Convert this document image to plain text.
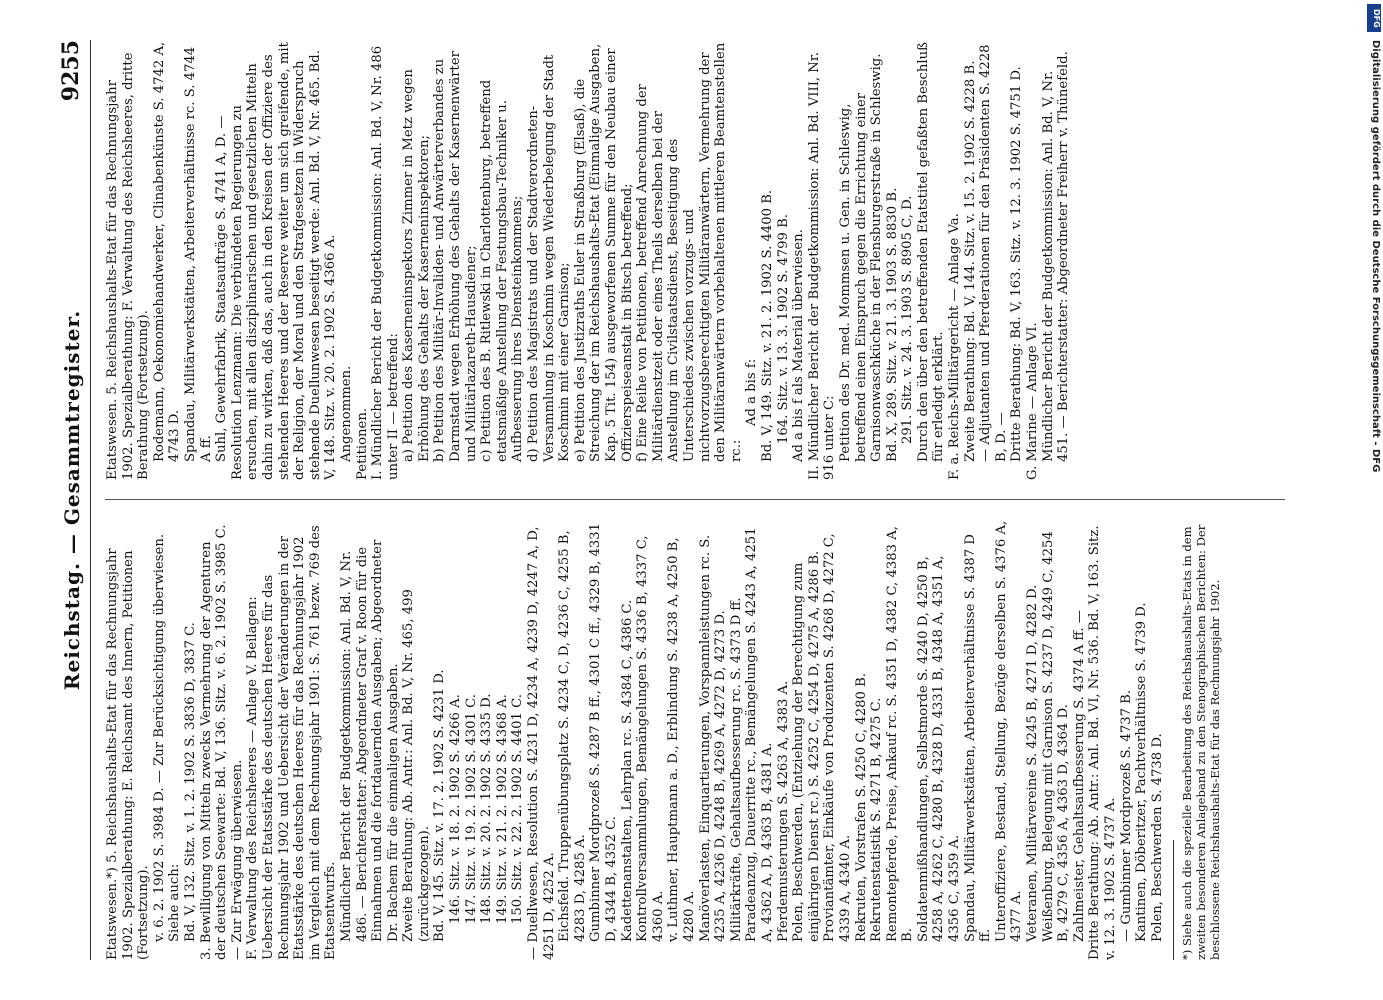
Reichstag. — Gesammtregister.
9255

Etatswesen.*) 5. Reichshaushalts-Etat für das Rechnungsjahr 1902. Spezialberathung: E. Reichsamt des Innern, Petitionen (Fortsetzung). v. 6. 2. 1902 S. 3984 D. — Zur Berücksichtigung überwiesen. Siehe auch: Bd. V, 132. Sitz. v. 1. 2. 1902 S. 3836 D, 3837 C. 3. Bewilligung von Mitteln zwecks Vermehrung der Agenturen der deutschen Seewarte: Bd. V, 136. Sitz. v. 6. 2. 1902 S. 3985 C. — Zur Erwägung überwiesen. F. Verwaltung des Reichsheeres — Anlage V. Beilagen: Uebersicht der Etatsstärke des deutschen Heeres für das Rechnungsjahr 1902 und Uebersicht der Veränderungen in der Etatsstärke des deutschen Heeres für das Rechnungsjahr 1902 im Vergleich mit dem Rechnungsjahr 1901: S. 761 bezw. 769 des Etatsentwurfs. Mündlicher Bericht der Budgetkommission: Anl. Bd. V, Nr. 486. — Berichterstatter: Abgeordneter Graf v. Roon für die Einnahmen und die fortdauernden Ausgaben; Abgeordneter Dr. Bachem für die einmaligen Ausgaben. Zweite Berathung: Ab. Antr.: Anl. Bd. V, Nr. 465, 499 (zurückgezogen). Bd. V, 145. Sitz. v. 17. 2. 1902 S. 4231 D. 146. Sitz. v. 18. 2. 1902 S. 4266 A. 147. Sitz. v. 19. 2. 1902 S. 4301 C. 148. Sitz. v. 20. 2. 1902 S. 4335 D. 149. Sitz. v. 21. 2. 1902 S. 4368 A. 150. Sitz. v. 22. 2. 1902 S. 4401 C. — Duellwesen, Resolution S. 4231 D, 4234 A, 4239 D, 4247 A, D, 4251 D, 4252 A. Eichsfeld. Truppenübungsplatz S. 4234 C, D, 4236 C, 4255 B, 4283 D, 4285 A. Gumbinner Mordprozeß S. 4287 B ff., 4301 C ff., 4329 B, 4331 D, 4344 B, 4352 C. Kadettenanstalten, Lehrplan rc. S. 4384 C, 4386 C. Kontrollversammlungen, Bemängelungen S. 4336 B, 4337 C, 4360 A. v. Luthmer, Hauptmann a. D., Erblindung S. 4238 A, 4250 B, 4280 A. Manöverlasten, Einquartierungen, Vorspannleistungen rc. S. 4235 A, 4236 D, 4248 B, 4269 A, 4272 D, 4273 D. Militärkräfte, Gehaltsaufbesserung rc. S. 4373 D ff. Paradeanzug, Dauerritte rc., Bemängelungen S. 4243 A, 4251 A, 4362 A, D, 4363 B, 4381 A. Pferdemusterungen S. 4263 A, 4383 A. Polen, Beschwerden, (Entziehung der Berechtigung zum einjährigen Dienst rc.) S. 4252 C, 4254 D, 4275 A, 4286 B. Proviantämter, Einkäufe von Produzenten S. 4268 D, 4272 C, 4339 A, 4340 A. Rekruten, Vorstrafen S. 4250 C, 4280 B. Rekrutenstatistik S. 4271 B, 4275 C. Remontepferde, Preise, Ankauf rc. S. 4351 D, 4382 C, 4383 A, B. Soldatenmißhandlungen, Selbstmorde S. 4240 D, 4250 B, 4258 A, 4262 C, 4280 B, 4328 D, 4331 B, 4348 A, 4351 A, 4356 C, 4359 A. Spandau, Militärwerkstätten, Arbeiterverhältnisse S. 4387 D ff. Unteroffiziere, Bestand, Stellung, Bezüge derselben S. 4376 A, 4377 A. Veteranen, Militärvereine S. 4245 B, 4271 D, 4282 D. Weißenburg, Belegung mit Garnison S. 4237 D, 4249 C, 4254 B, 4279 C, 4356 A, 4363 D, 4364 D. Zahlmeister, Gehaltsaufbesserung S. 4374 A ff. — Dritte Berathung: Ab. Antr.: Anl. Bd. VI, Nr. 536. Bd. V, 163. Sitz. v. 12. 3. 1902 S. 4737 A. — Gumbinner Mordprozeß S. 4737 B. Kantinen, Döberitzer, Pachtverhältnisse S. 4739 D. Polen, Beschwerden S. 4738 D. *) Siehe auch die spezielle Bearbeitung des Reichshaushalts-Etats in dem zweiten besonderen Anlageband zu den Stenographischen Berichten: Der beschlossene Reichshaushalts-Etat für das Rechnungsjahr 1902.

Etatswesen. 5. Reichshaushalts-Etat für das Rechnungsjahr 1902. Spezialberathung: F. Verwaltung des Reichsheeres, dritte Berathung (Fortsetzung). Rodemann, Oekonomiehandwerker, Clinabenkünste S. 4742 A, 4743 D. Spandau, Militärwerkstätten, Arbeiterverhältnisse rc. S. 4744 A ff. Suhl, Gewehrfabrik, Staatsaufträge S. 4741 A, D. — Resolution Lenzmann: Die verbündeten Regierungen zu ersuchen, mit allen disziplinarischen und gesetzlichen Mitteln dahin zu wirken, daß das, auch in den Kreisen der Offiziere des stehenden Heeres und der Reserve weiter um sich greifende, mit der Religion, der Moral und den Strafgesetzen in Widerspruch stehende Duellunwesen beseitigt werde: Anl. Bd. V, Nr. 465. Bd. V, 148. Sitz. v. 20. 2. 1902 S. 4366 A. Angenommen. Petitionen. I. Mündlicher Bericht der Budgetkommission: Anl. Bd. V, Nr. 486 unter II — betreffend: a) Petition des Kaserneninspektors Zimmer in Metz wegen Erhöhung des Gehalts der Kaserneninspektoren; b) Petition des Militär-Invaliden- und Anwärterverbandes zu Darmstadt wegen Erhöhung des Gehalts der Kasernenwärter und Militärlazareth-Hausdiener; c) Petition des B. Ritlewski in Charlottenburg, betreffend etatsmäßige Anstellung der Festungsbau-Techniker u. Aufbesserung ihres Diensteinkommens; d) Petition des Magistrats und der Stadtverordneten-Versammlung in Koschmin wegen Wiederbelegung der Stadt Koschmin mit einer Garnison; e) Petition des Justizraths Euler in Straßburg (Elsaß), die Streichung der im Reichshaushalts-Etat (Einmalige Ausgaben, Kap. 5 Tit. 154) ausgeworfenen Summe für den Neubau einer Offizierspeiseanstalt in Bitsch betreffend; f) Eine Reihe von Petitionen, betreffend Anrechnung der Militärdienstzeit oder eines Theils derselben bei der Anstellung im Civilstaatsdienst, Beseitigung des Unterschiedes zwischen vorzugs- und nichtvorzugsberechtigten Militäranwärtern, Vermehrung der den Militäranwärtern vorbehaltenen mittleren Beamtenstellen rc.:

Ad a bis f: Bd. V, 149. Sitz. v. 21. 2. 1902 S. 4400 B. 164. Sitz. v. 13. 3. 1902 S. 4799 B. Ad a bis f als Material überwiesen. II. Mündlicher Bericht der Budgetkommission: Anl. Bd. VIII, Nr. 916 unter C: Petition des Dr. med. Mommsen u. Gen. in Schleswig, betreffend einen Einspruch gegen die Errichtung einer Garnisonwaschküche in der Flensburgerstraße in Schleswig. Bd. X, 289. Sitz. v. 21. 3. 1903 S. 8830 B. 291. Sitz. v. 24. 3. 1903 S. 8905 C, D. Durch den über den betreffenden Etatstitel gefaßten Beschluß für erledigt erklärt. F. a. Reichs-Militärgericht — Anlage Va. Zweite Berathung: Bd. V, 144. Sitz. v. 15. 2. 1902 S. 4228 B. — Adjutanten und Pferderationen für den Präsidenten S. 4228 B, D. — Dritte Berathung: Bd. V, 163. Sitz. v. 12. 3. 1902 S. 4751 D. G. Marine — Anlage VI. Mündlicher Bericht der Budgetkommission: Anl. Bd. V, Nr. 451. — Berichterstatter: Abgeordneter Freiherr v. Thünefeld.

DFG
Digitalisierung gefördert durch die Deutsche Forschungsgemeinschaft - DFG
